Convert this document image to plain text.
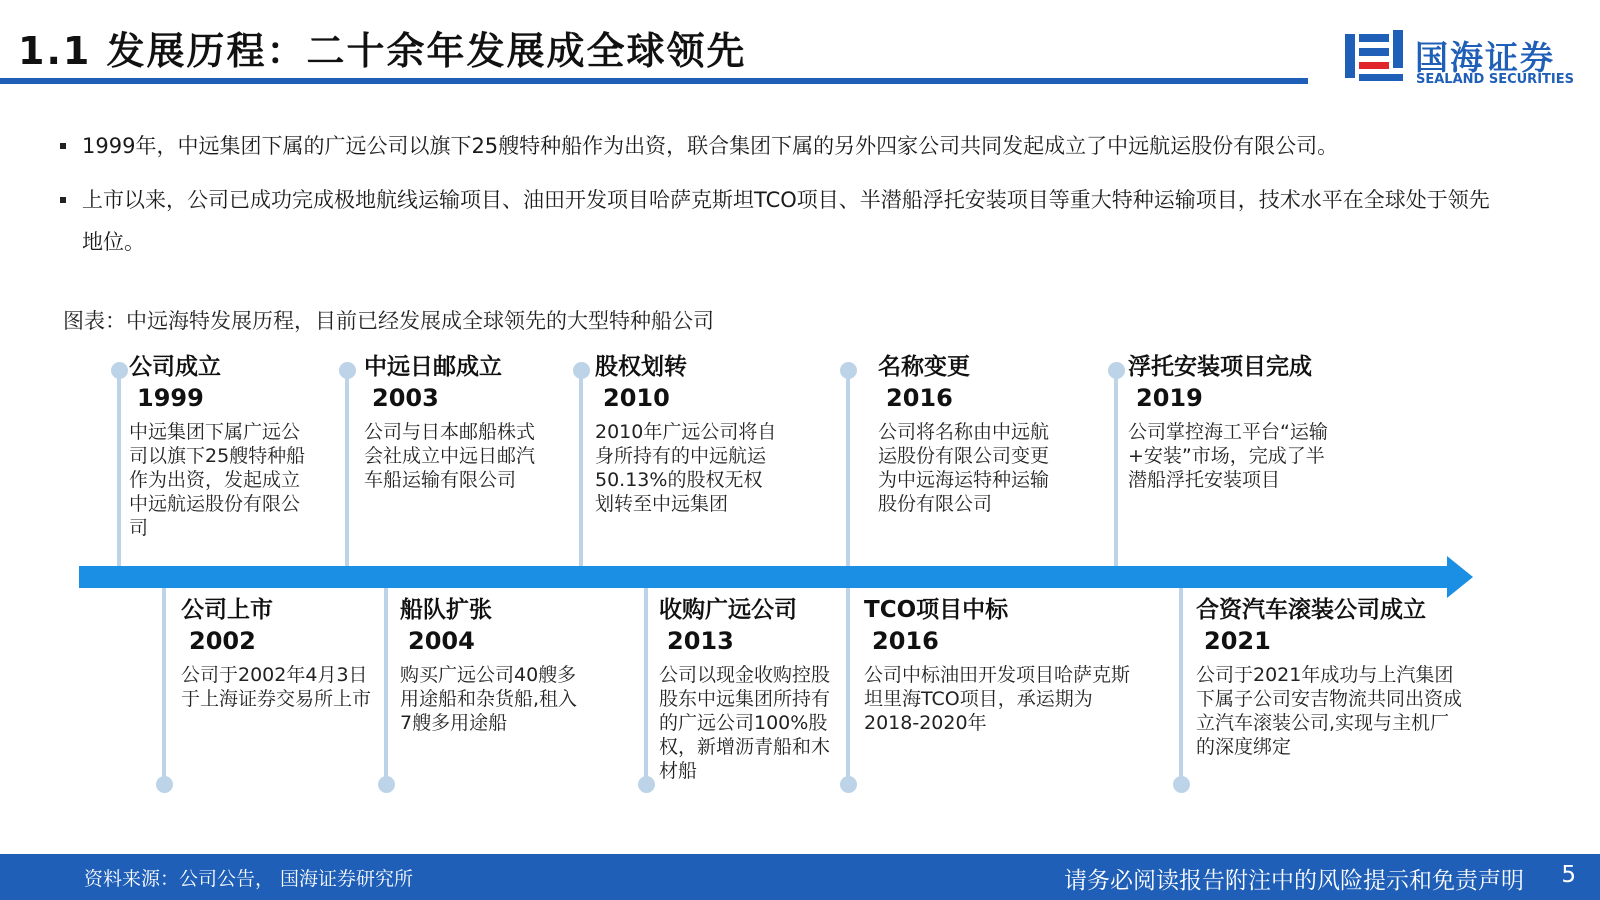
1.1 发展历程：二十余年发展成全球领先	国海证券
SEALAND SECURITIES
1999年，中远集团下属的广远公司以旗下25艘特种船作为出资，联合集团下属的另外四家公司共同发起成立了中远航运股份有限公司。
上市以来，公司已成功完成极地航线运输项目、油田开发项目哈萨克斯坦TCO项目、半潜船浮托安装项目等重大特种运输项目，技术水平在全球处于领先地位。
图表：中远海特发展历程，目前已经发展成全球领先的大型特种船公司
公司成立
1999
中远集团下属广远公司以旗下25艘特种船作为出资，发起成立中远航运股份有限公司
中远日邮成立
2003
公司与日本邮船株式会社成立中远日邮汽车船运输有限公司
股权划转
2010
2010年广远公司将自身所持有的中远航运50.13%的股权无权划转至中远集团
名称变更
2016
公司将名称由中远航运股份有限公司变更为中远海运特种运输股份有限公司
浮托安装项目完成
2019
公司掌控海工平台“运输+安装”市场，完成了半潜船浮托安装项目
公司上市
2002
公司于2002年4月3日于上海证券交易所上市
船队扩张
2004
购买广远公司40艘多用途船和杂货船,租入7艘多用途船
收购广远公司
2013
公司以现金收购控股股东中远集团所持有的广远公司100%股权，新增沥青船和木材船
TCO项目中标
2016
公司中标油田开发项目哈萨克斯坦里海TCO项目，承运期为2018-2020年
合资汽车滚装公司成立
2021
公司于2021年成功与上汽集团下属子公司安吉物流共同出资成立汽车滚装公司,实现与主机厂的深度绑定
资料来源：公司公告， 国海证券研究所	请务必阅读报告附注中的风险提示和免责声明 5
